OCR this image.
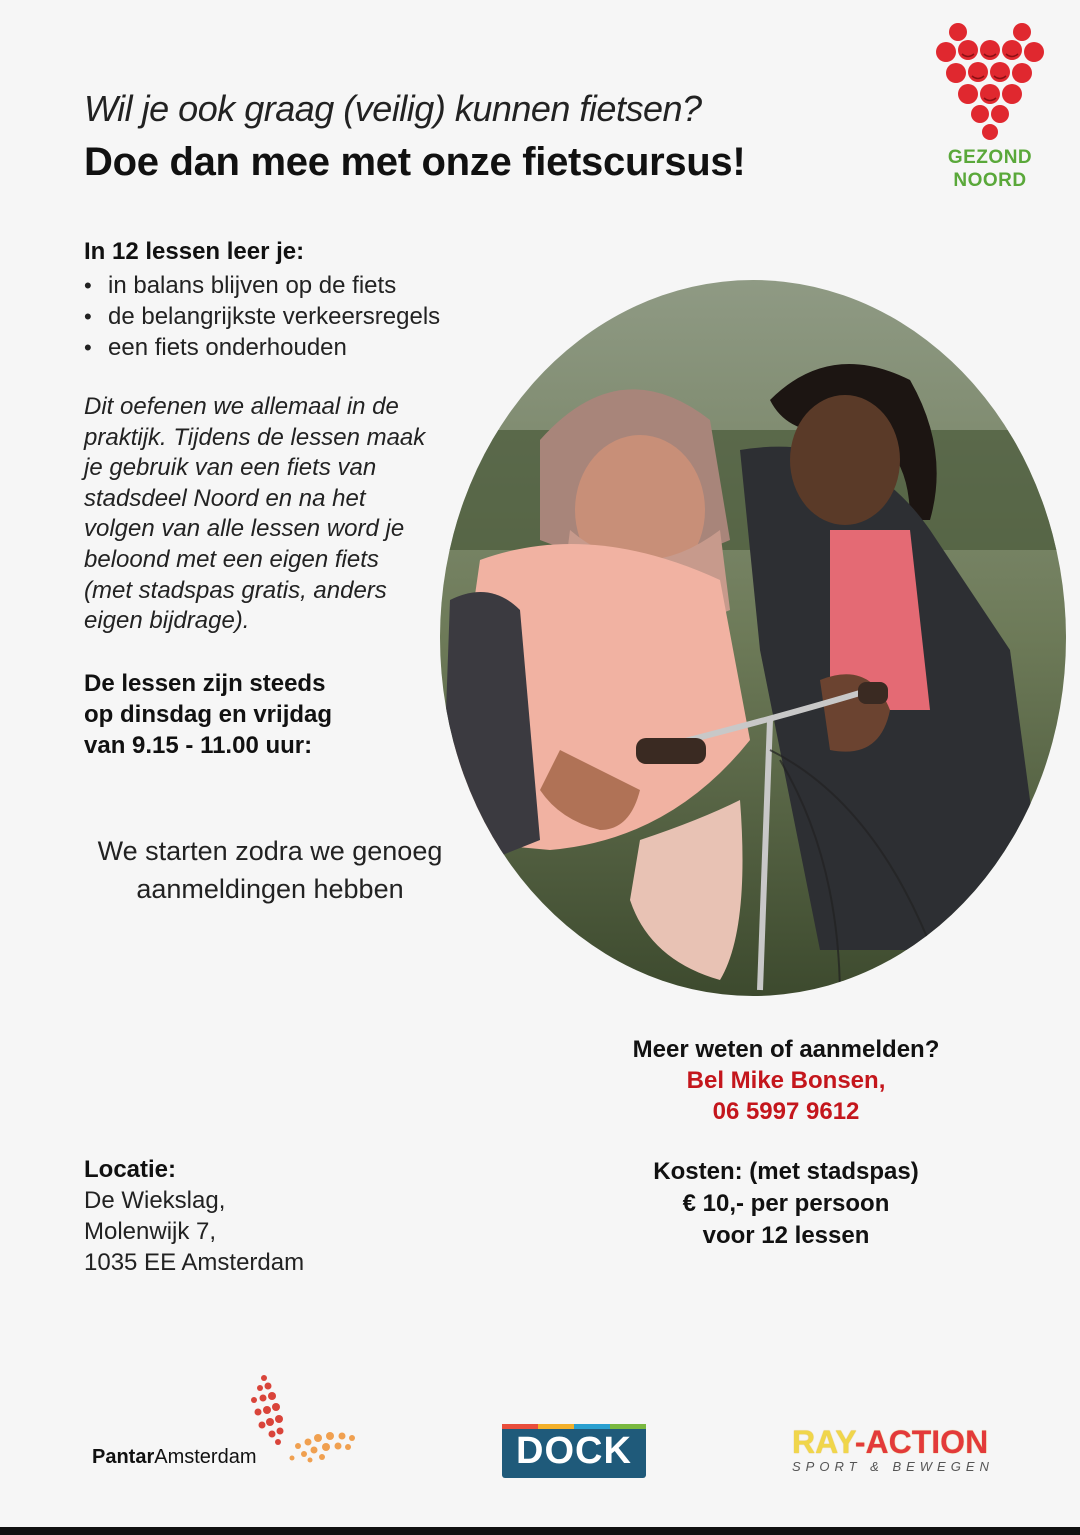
Wil je ook graag (veilig) kunnen fietsen?
Doe dan mee met onze fietscursus!	GEZOND
NOORD
In 12 lessen leer je:
• in balans blijven op de fiets
• de belangrijkste verkeersregels
• een fiets onderhouden
Dit oefenen we allemaal in de
praktijk. Tijdens de lessen maak
je gebruik van een fiets van
stadsdeel Noord en na het
volgen van alle lessen word je
beloond met een eigen fiets
(met stadspas gratis, anders
eigen bijdrage).
De lessen zijn steeds
op dinsdag en vrijdag
van 9.15 - 11.00 uur:
We starten zodra we genoeg
aanmeldingen hebben
Meer weten of aanmelden?
Bel Mike Bonsen,
06 5997 9612
Kosten: (met stadspas)
€ 10,- per persoon
voor 12 lessen
Locatie:
De Wiekslag,
Molenwijk 7,
1035 EE Amsterdam
PantarAmsterdam	DOCK	RAY-ACTION
SPORT & BEWEGEN
